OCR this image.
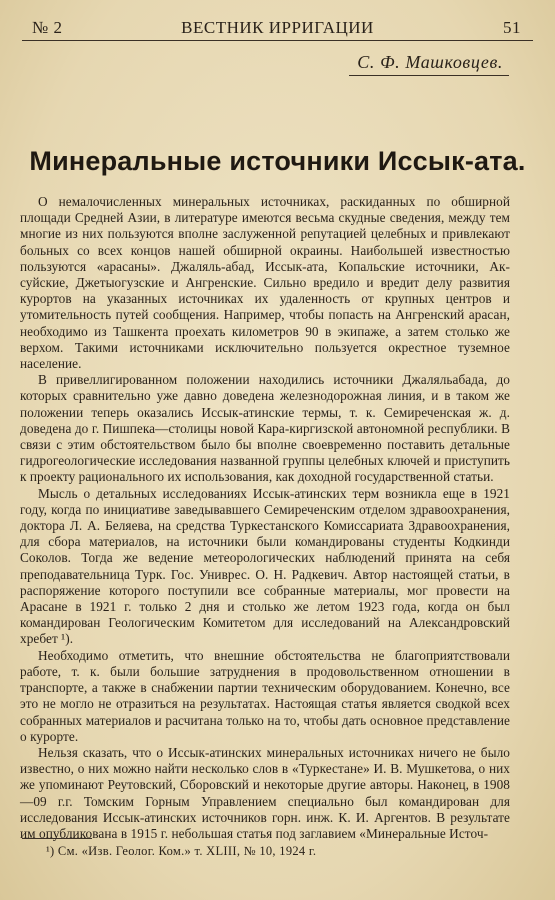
№ 2	ВЕСТНИК ИРРИГАЦИИ	51
С. Ф. Машковцев.
Минеральные источники Иссык-ата.

О немалочисленных минеральных источниках, раскиданных по обширной площади Средней Азии, в литературе имеются весьма скудные сведения, между тем многие из них пользуются вполне заслуженной репутацией целебных и привлекают больных со всех концов нашей обширной окраины. Наибольшей известностью пользуются «арасаны». Джаляль-абад, Иссык-ата, Копальские источники, Ак-суйские, Джетыогузские и Ангренские. Сильно вредило и вредит делу развития курортов на указанных источниках их удаленность от крупных центров и утомительность путей сообщения. Например, чтобы попасть на Ангренский арасан, необходимо из Ташкента проехать километров 90 в экипаже, а затем столько же верхом. Такими источниками исключительно пользуется окрестное туземное население.

В привеллигированном положении находились источники Джаляльабада, до которых сравнительно уже давно доведена железнодорожная линия, и в таком же положении теперь оказались Иссык-атинские термы, т. к. Семиреченская ж. д. доведена до г. Пишпека—столицы новой Кара-киргизской автономной республики. В связи с этим обстоятельством было бы вполне своевременно поставить детальные гидрогеологические исследования названной группы целебных ключей и приступить к проекту рационального их использования, как доходной государственной статьи.

Мысль о детальных исследованиях Иссык-атинских терм возникла еще в 1921 году, когда по инициативе заведывавшего Семиреченским отделом здравоохранения, доктора Л. А. Беляева, на средства Туркестанского Комиссариата Здравоохранения, для сбора материалов, на источники были командированы студенты Кодкинди Соколов. Тогда же ведение метеорологических наблюдений принята на себя преподавательница Турк. Гос. Униврес. О. Н. Радкевич. Автор настоящей статьи, в распоряжение которого поступили все собранные материалы, мог провести на Арасане в 1921 г. только 2 дня и столько же летом 1923 года, когда он был командирован Геологическим Комитетом для исследований на Александровский хребет ¹).

Необходимо отметить, что внешние обстоятельства не благоприятствовали работе, т. к. были большие затруднения в продовольственном отношении в транспорте, а также в снабжении партии техническим оборудованием. Конечно, все это не могло не отразиться на результатах. Настоящая статья является сводкой всех собранных материалов и расчитана только на то, чтобы дать основное представление о курорте.

Нельзя сказать, что о Иссык-атинских минеральных источниках ничего не было известно, о них можно найти несколько слов в «Туркестане» И. В. Мушкетова, о них же упоминают Реутовский, Сборовский и некоторые другие авторы. Наконец, в 1908—09 г.г. Томским Горным Управлением специально был командирован для исследования Иссык-атинских источников горн. инж. К. И. Аргентов. В результате им опубликована в 1915 г. небольшая статья под заглавием «Минеральные Источ-

¹) См. «Изв. Геолог. Ком.» т. XLIII, № 10, 1924 г.
